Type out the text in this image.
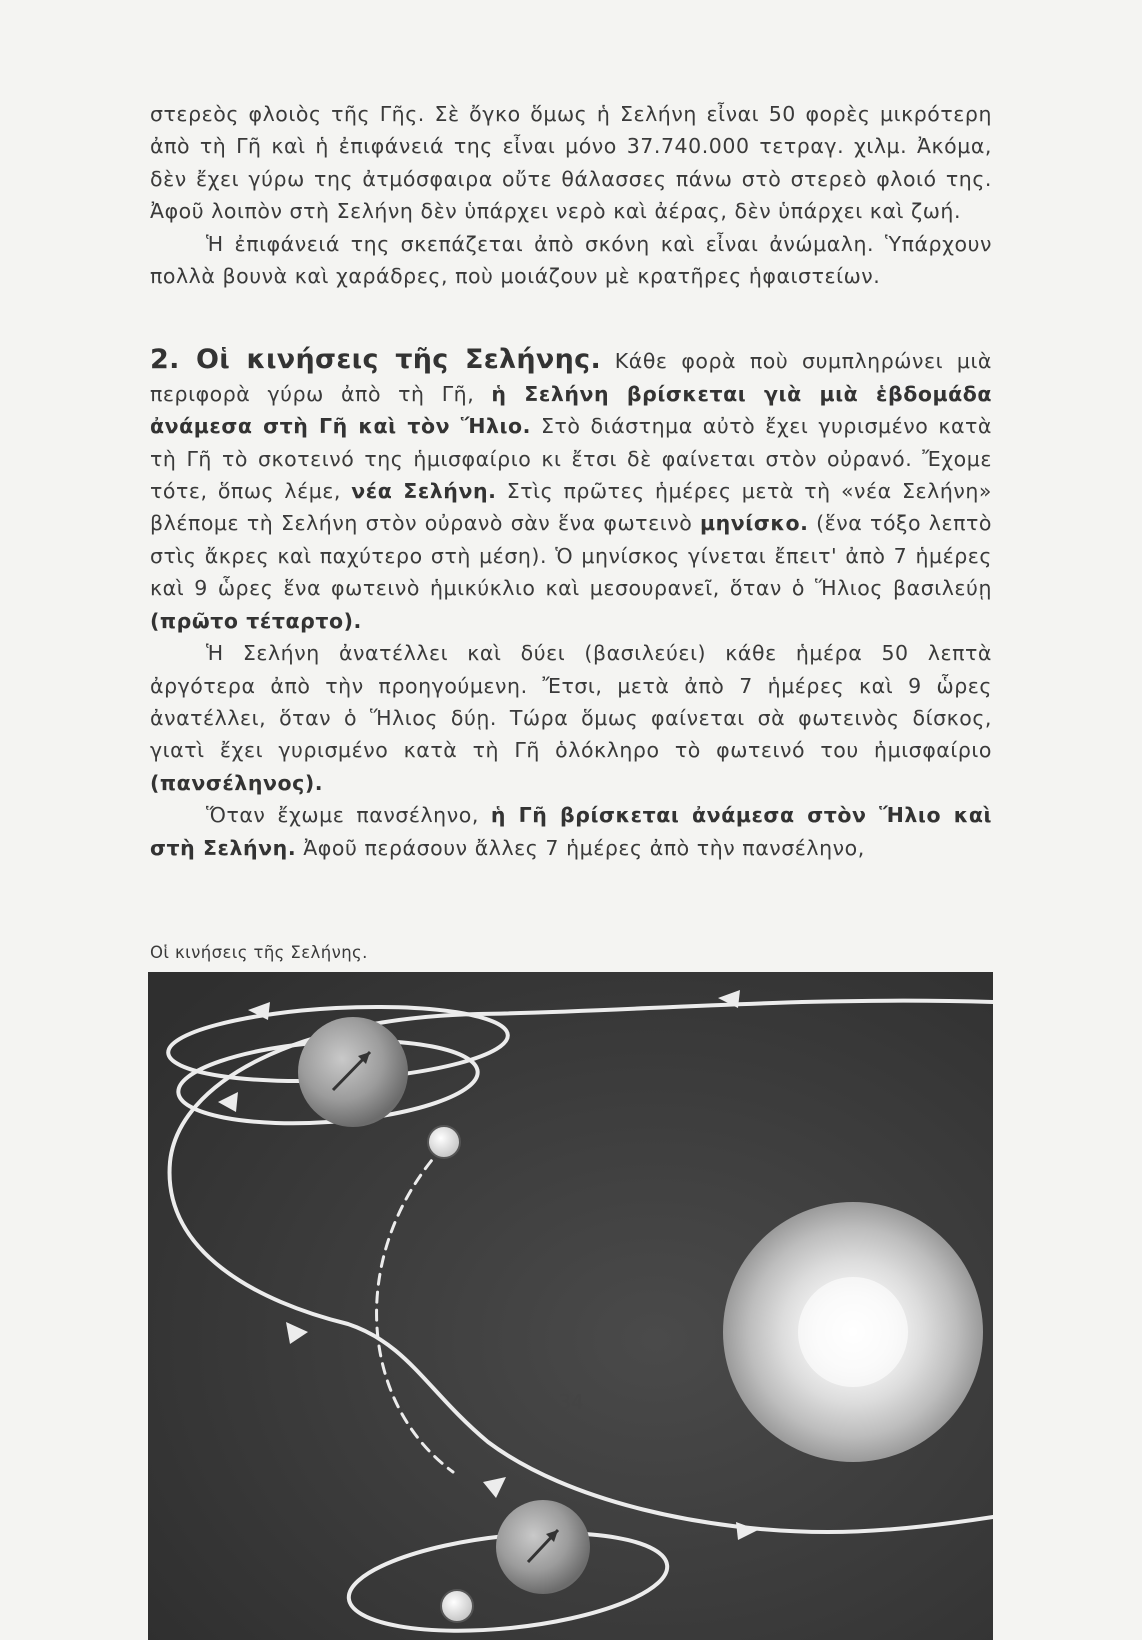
στερεὸς φλοιὸς τῆς Γῆς. Σὲ ὄγκο ὅμως ἡ Σελήνη εἶναι 50 φορὲς μικρότερη ἀπὸ τὴ Γῆ καὶ ἡ ἐπιφάνειά της εἶναι μόνο 37.740.000 τετραγ. χιλμ. Ἀκόμα, δὲν ἔχει γύρω της ἀτμόσφαιρα οὔτε θάλασσες πάνω στὸ στερεὸ φλοιό της. Ἀφοῦ λοιπὸν στὴ Σελήνη δὲν ὑπάρχει νερὸ καὶ ἀέρας, δὲν ὑπάρχει καὶ ζωή.

Ἡ ἐπιφάνειά της σκεπάζεται ἀπὸ σκόνη καὶ εἶναι ἀνώμαλη. Ὑπάρχουν πολλὰ βουνὰ καὶ χαράδρες, ποὺ μοιάζουν μὲ κρατῆρες ἡφαιστείων.

2. Οἱ κινήσεις τῆς Σελήνης. Κάθε φορὰ ποὺ συμπληρώνει μιὰ περιφορὰ γύρω ἀπὸ τὴ Γῆ, ἡ Σελήνη βρίσκεται γιὰ μιὰ ἑβδομάδα ἀνάμεσα στὴ Γῆ καὶ τὸν Ἥλιο. Στὸ διάστημα αὐτὸ ἔχει γυρισμένο κατὰ τὴ Γῆ τὸ σκοτεινό της ἡμισφαίριο κι ἔτσι δὲ φαίνεται στὸν οὐρανό. Ἔχομε τότε, ὅπως λέμε, νέα Σελήνη. Στὶς πρῶτες ἡμέρες μετὰ τὴ «νέα Σελήνη» βλέπομε τὴ Σελήνη στὸν οὐρανὸ σὰν ἕνα φωτεινὸ μηνίσκο. (ἕνα τόξο λεπτὸ στὶς ἄκρες καὶ παχύτερο στὴ μέση). Ὁ μηνίσκος γίνεται ἔπειτ' ἀπὸ 7 ἡμέρες καὶ 9 ὧρες ἕνα φωτεινὸ ἡμικύκλιο καὶ μεσουρανεῖ, ὅταν ὁ Ἥλιος βασιλεύῃ (πρῶτο τέταρτο).

Ἡ Σελήνη ἀνατέλλει καὶ δύει (βασιλεύει) κάθε ἡμέρα 50 λεπτὰ ἀργότερα ἀπὸ τὴν προηγούμενη. Ἔτσι, μετὰ ἀπὸ 7 ἡμέρες καὶ 9 ὧρες ἀνατέλλει, ὅταν ὁ Ἥλιος δύῃ. Τώρα ὅμως φαίνεται σὰ φωτεινὸς δίσκος, γιατὶ ἔχει γυρισμένο κατὰ τὴ Γῆ ὁλόκληρο τὸ φωτεινό του ἡμισφαίριο (πανσέληνος).

Ὅταν ἔχωμε πανσέληνο, ἡ Γῆ βρίσκεται ἀνάμεσα στὸν Ἥλιο καὶ στὴ Σελήνη. Ἀφοῦ περάσουν ἄλλες 7 ἡμέρες ἀπὸ τὴν πανσέληνο,

Οἱ κινήσεις τῆς Σελήνης.
34
